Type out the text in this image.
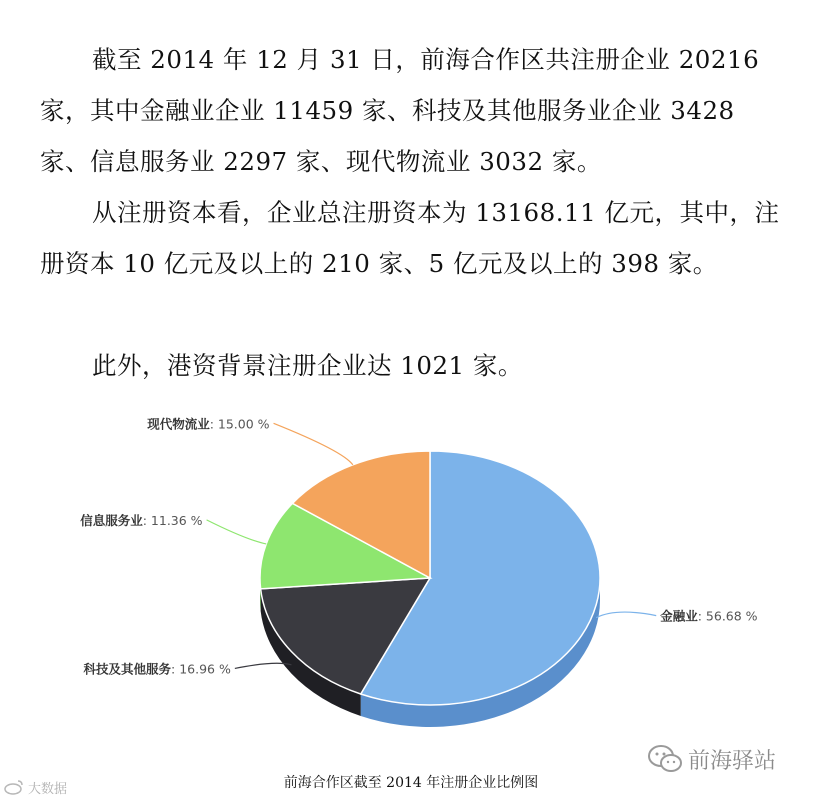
截至 2014 年 12 月 31 日，前海合作区共注册企业 20216 家，其中金融业企业 11459 家、科技及其他服务业企业 3428 家、信息服务业 2297 家、现代物流业 3032 家。

从注册资本看，企业总注册资本为 13168.11 亿元，其中，注册资本 10 亿元及以上的 210 家、5 亿元及以上的 398 家。

此外，港资背景注册企业达 1021 家。

金融业: 56.68 %
科技及其他服务: 16.96 %
信息服务业: 11.36 %
现代物流业: 15.00 %
前海合作区截至 2014 年注册企业比例图
前海驿站
大数据
